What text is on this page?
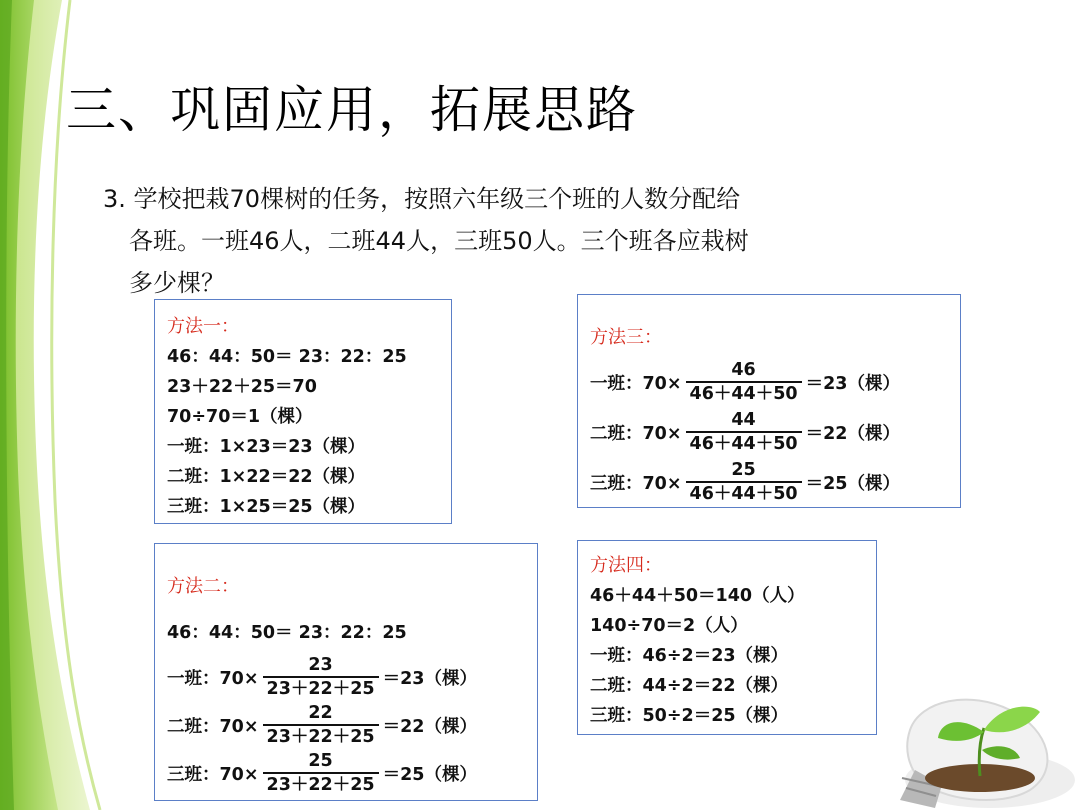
三、巩固应用，拓展思路
3. 学校把栽70棵树的任务，按照六年级三个班的人数分配给
各班。一班46人，二班44人，三班50人。三个班各应栽树
多少棵？
方法一：
46：44：50＝ 23：22：25
23＋22＋25＝70
70÷70＝1（棵）
一班：1×23＝23（棵）
二班：1×22＝22（棵）
三班：1×25＝25（棵）
方法三：
一班：$70\times \frac{46}{46+44+50} =23$（棵）
二班：$70\times \frac{44}{46+44+50} =22$（棵）
三班：$70\times \frac{25}{46+44+50} =25$（棵）
方法二：
46：44：50＝ 23：22：25
一班：$70\times \frac{23}{23+22+25} =23$（棵）
二班：$70\times \frac{22}{23+22+25} =22$（棵）
三班：$70\times \frac{25}{23+22+25} =25$（棵）
方法四：
46＋44＋50＝140（人）
140÷70＝2（人）
一班：46÷2＝23（棵）
二班：44÷2＝22（棵）
三班：50÷2＝25（棵）
